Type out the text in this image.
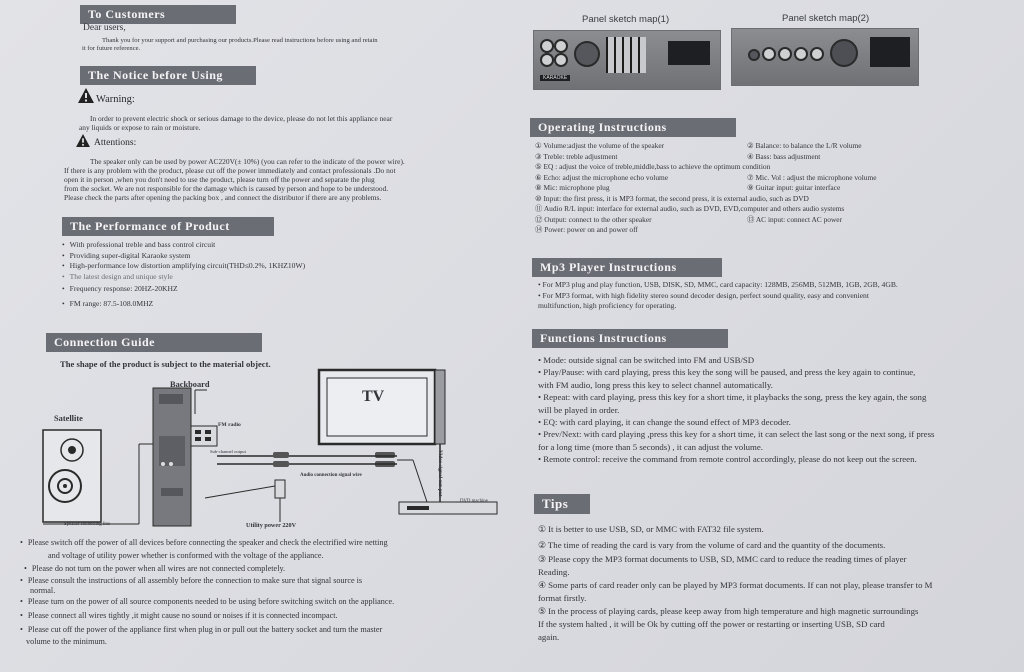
To Customers
Dear users,
Thank you for your support and purchasing our products.Please read instructions before using and retain
it for future reference.
The Notice before Using
Warning:
In order to prevent electric shock or serious damage to the device, please do not let this appliance near
any liquids or expose to rain or moisture.
Attentions:
The speaker only can be used by power AC220V(± 10%) (you can refer to the indicate of the power wire).
If there is any problem with the product, please cut off the power immediately and contact professionals .Do not
open it in person ,when you don't need to use the product, please turn off the power and separate the plug
from the socket. We are not responsible for the damage which is caused by person and hope to be understood.
Please check the parts after opening the packing box , and connect the distributor if there are any problems.
The Performance of Product
• With professional treble and bass control circuit
• Providing super-digital Karaoke system
• High-performance low distortion amplifying circuit(THD≤0.2%, 1KHZ10W)
• The latest design and unique style
• Frequency response: 20HZ-20KHZ
• FM range: 87.5-108.0MHZ
Connection Guide
The shape of the product is subject to the material object.
Backboard
Satellite
TV
FM radio
Sub-channel output
Audio connection signal wire	Video signal out-put
DVD machine
Speaker connecting line	Utility power 220V
• Please switch off the power of all devices before connecting the speaker and check the electrified wire netting
and voltage of utility power whether is conformed with the voltage of the appliance.
• Please do not turn on the power when all wires are not connected completely.
• Please consult the instructions of all assembly before the connection to make sure that signal source is
normal.
• Please turn on the power of all source components needed to be using before switching switch on the appliance.
• Please connect all wires tightly ,it might cause no sound or noises if it is connected incompact.
• Please cut off the power of the appliance first when plug in or pull out the battery socket and turn the master
volume to the minimum.
Panel sketch map(1)	Panel sketch map(2)
KARAOKE
Operating Instructions
① Volume:adjust the volume of the speaker	② Balance: to balance the L/R volume
③ Treble: treble adjustment	④ Bass: bass adjustment
⑤ EQ : adjust the voice of treble,middle,bass to achieve the optimum condition
⑥ Echo: adjust the microphone echo volume	⑦ Mic. Vol : adjust the microphone volume
⑧ Mic: microphone plug	⑨ Guitar input: guitar interface
⑩ Input: the first press, it is MP3 format, the second press, it is external audio, such as DVD
⑪ Audio R/L input: interface for external audio, such as DVD, EVD,computer and others audio systems
⑫ Output: connect to the other speaker	⑬ AC input: connect AC power
⑭ Power: power on and power off
Mp3 Player Instructions
• For MP3 plug and play function, USB, DISK, SD, MMC, card capacity: 128MB, 256MB, 512MB, 1GB, 2GB, 4GB.
• For MP3 format, with high fidelity stereo sound decoder design, perfect sound quality, easy and convenient
multifunction, high proficiency for operating.
Functions Instructions
• Mode: outside signal can be switched into FM and USB/SD
• Play/Pause: with card playing, press this key the song will be paused, and press the key again to continue,
with FM audio, long press this key to select channel automatically.
• Repeat: with card playing, press this key for a short time, it playbacks the song, press the key again, the song
will be played in order.
• EQ: with card playing, it can change the sound effect of MP3 decoder.
• Prev/Next: with card playing ,press this key for a short time, it can select the last song or the next song, if press
for a long time (more than 5 seconds) , it can adjust the volume.
• Remote control: receive the command from remote control accordingly, please do not keep out the screen.
Tips
① It is better to use USB, SD, or MMC with FAT32 file system.
② The time of reading the card is vary from the volume of card and the quantity of the documents.
③ Please copy the MP3 format documents to USB, SD, MMC card to reduce the reading times of player
Reading.
④ Some parts of card reader only can be played by MP3 format documents. If can not play, please transfer to M
format firstly.
⑤ In the process of playing cards, please keep away from high temperature and high magnetic surroundings
If the system halted , it will be Ok by cutting off the power or restarting or inserting USB, SD card
again.
